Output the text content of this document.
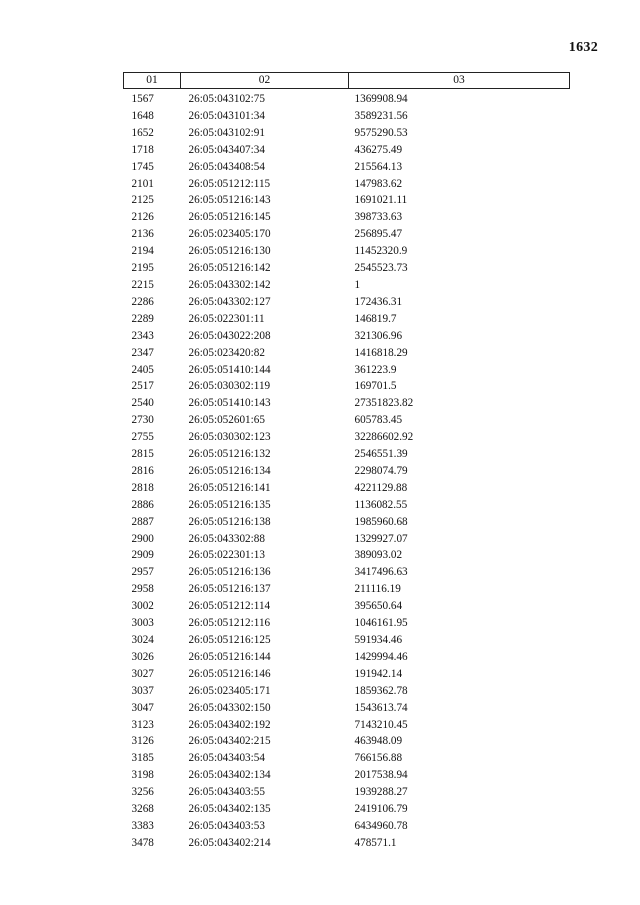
1632
01	02	03
1567	26:05:043102:75	1369908.94
1648	26:05:043101:34	3589231.56
1652	26:05:043102:91	9575290.53
1718	26:05:043407:34	436275.49
1745	26:05:043408:54	215564.13
2101	26:05:051212:115	147983.62
2125	26:05:051216:143	1691021.11
2126	26:05:051216:145	398733.63
2136	26:05:023405:170	256895.47
2194	26:05:051216:130	11452320.9
2195	26:05:051216:142	2545523.73
2215	26:05:043302:142	1
2286	26:05:043302:127	172436.31
2289	26:05:022301:11	146819.7
2343	26:05:043022:208	321306.96
2347	26:05:023420:82	1416818.29
2405	26:05:051410:144	361223.9
2517	26:05:030302:119	169701.5
2540	26:05:051410:143	27351823.82
2730	26:05:052601:65	605783.45
2755	26:05:030302:123	32286602.92
2815	26:05:051216:132	2546551.39
2816	26:05:051216:134	2298074.79
2818	26:05:051216:141	4221129.88
2886	26:05:051216:135	1136082.55
2887	26:05:051216:138	1985960.68
2900	26:05:043302:88	1329927.07
2909	26:05:022301:13	389093.02
2957	26:05:051216:136	3417496.63
2958	26:05:051216:137	211116.19
3002	26:05:051212:114	395650.64
3003	26:05:051212:116	1046161.95
3024	26:05:051216:125	591934.46
3026	26:05:051216:144	1429994.46
3027	26:05:051216:146	191942.14
3037	26:05:023405:171	1859362.78
3047	26:05:043302:150	1543613.74
3123	26:05:043402:192	7143210.45
3126	26:05:043402:215	463948.09
3185	26:05:043403:54	766156.88
3198	26:05:043402:134	2017538.94
3256	26:05:043403:55	1939288.27
3268	26:05:043402:135	2419106.79
3383	26:05:043403:53	6434960.78
3478	26:05:043402:214	478571.1
